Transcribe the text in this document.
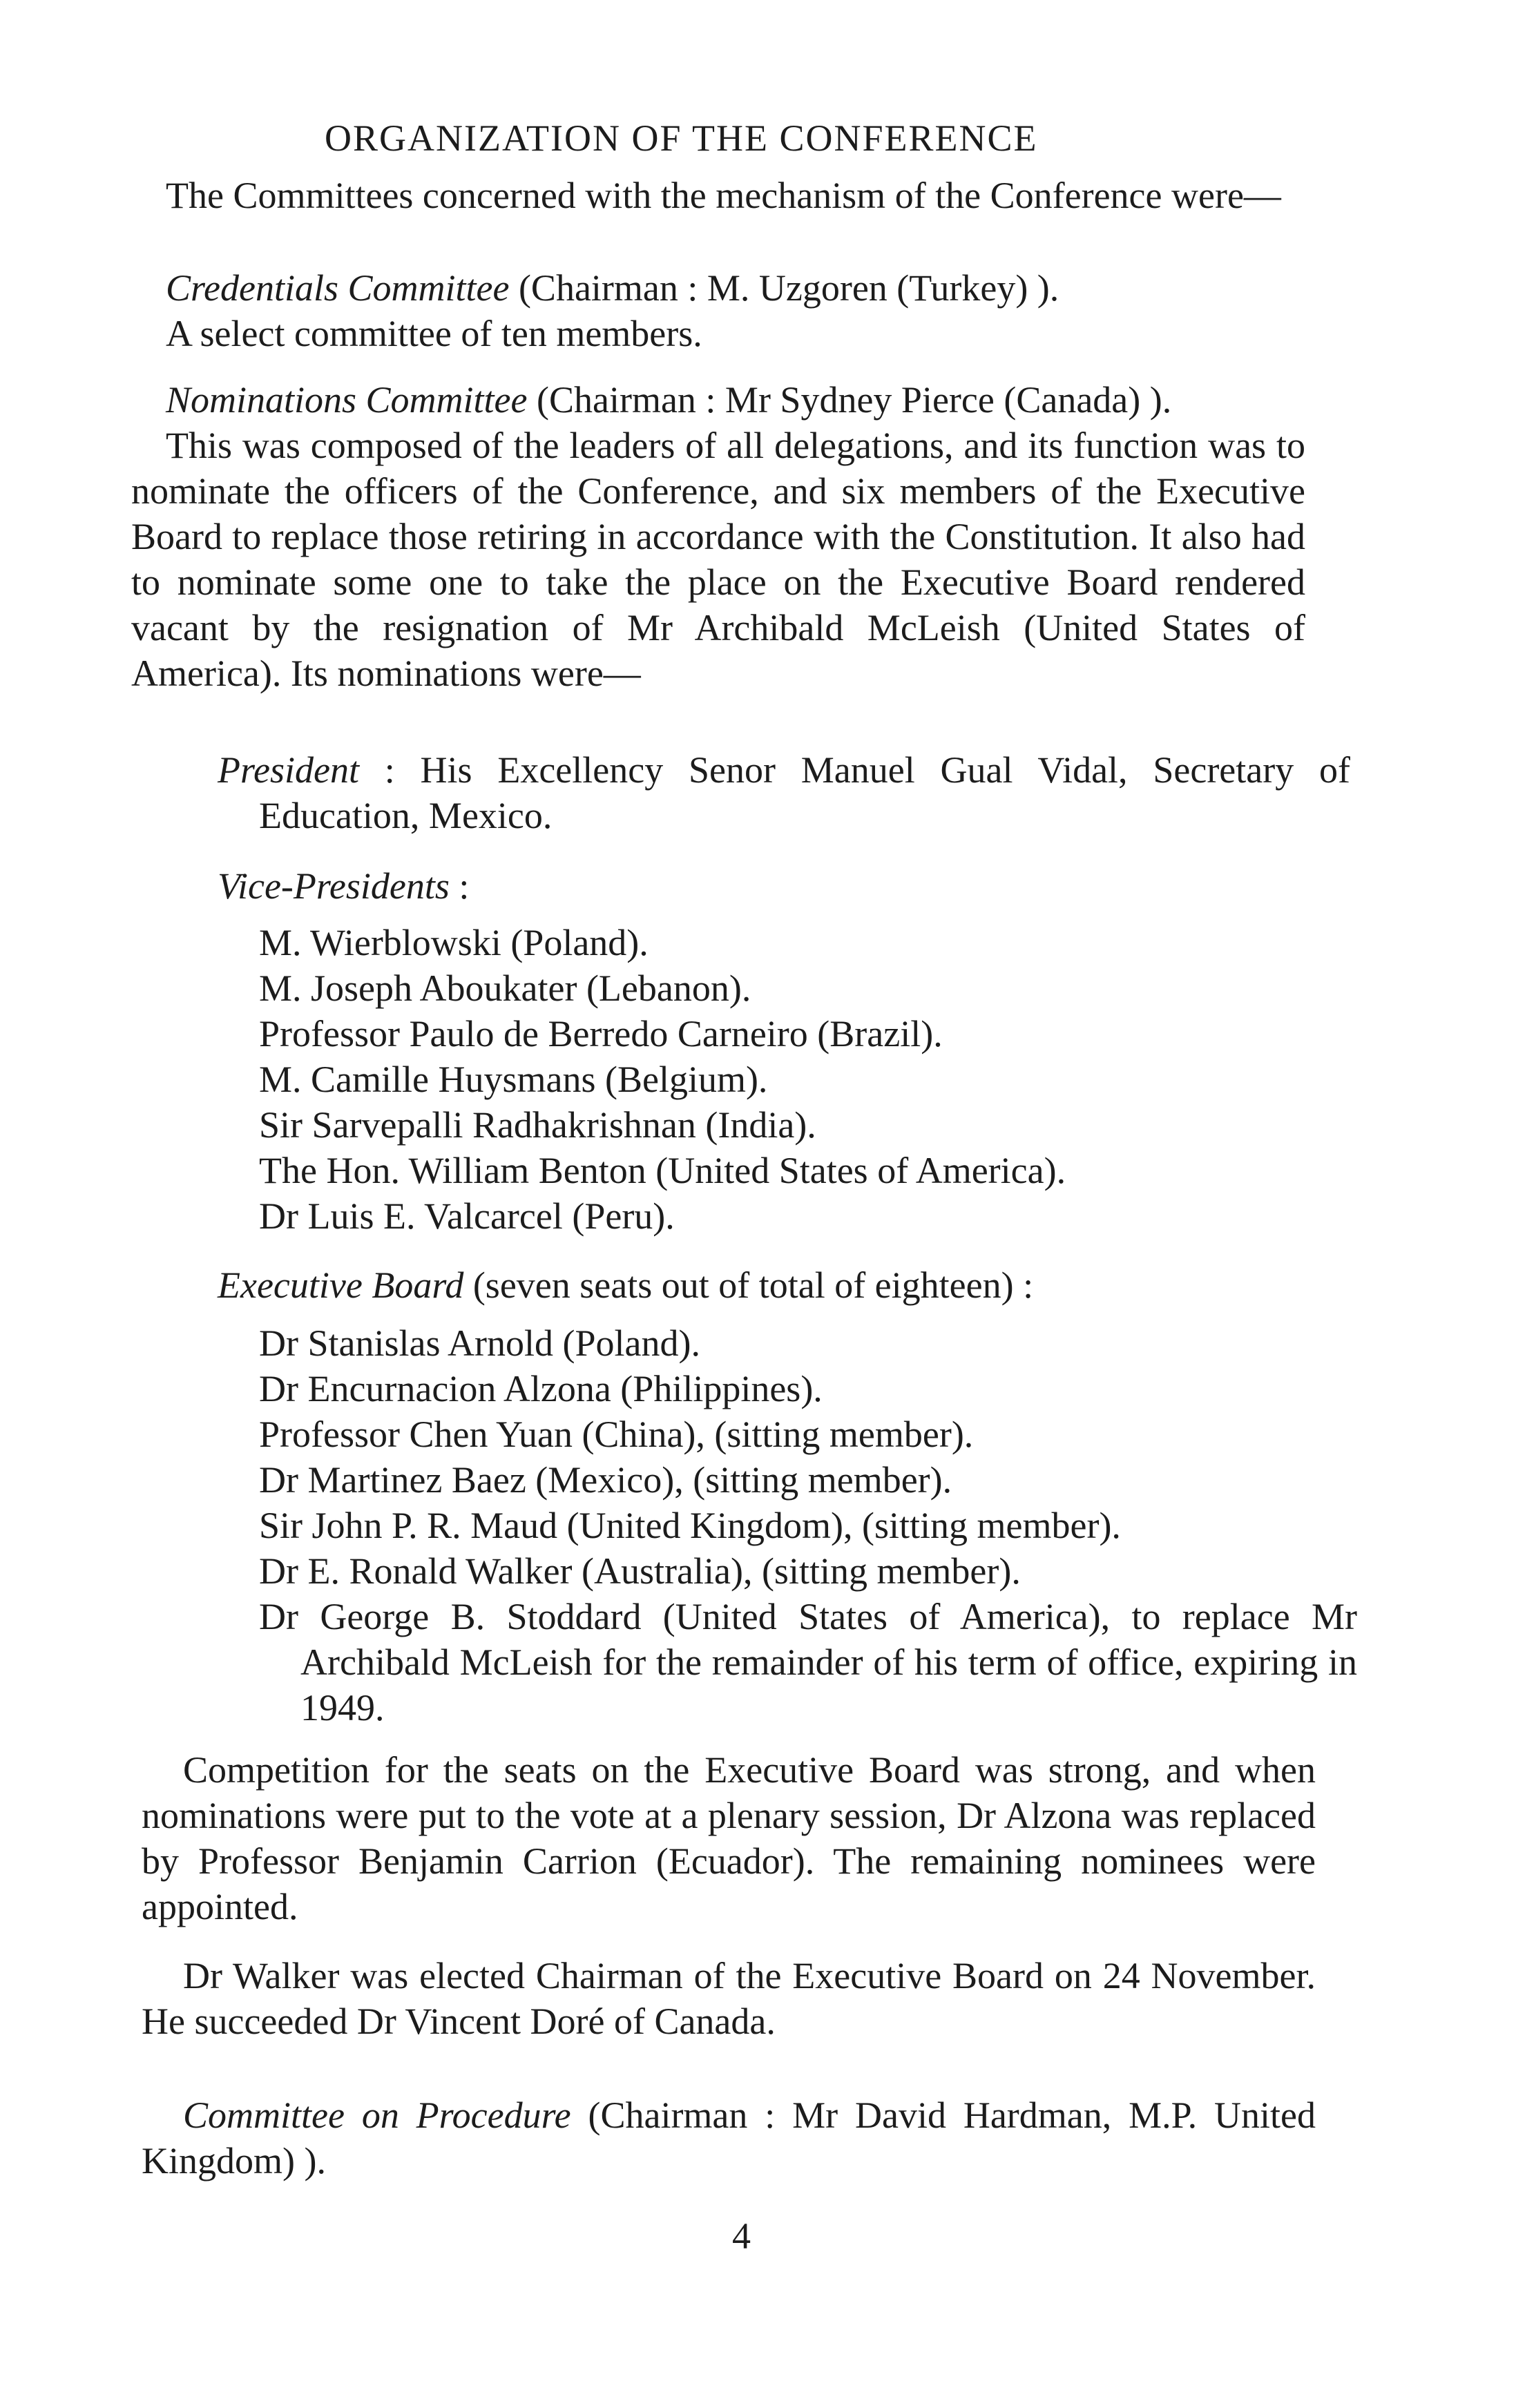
ORGANIZATION OF THE CONFERENCE
The Committees concerned with the mechanism of the Conference were—
Credentials Committee (Chairman : M. Uzgoren (Turkey) ).
A select committee of ten members.
Nominations Committee (Chairman : Mr Sydney Pierce (Canada) ).
This was composed of the leaders of all delegations, and its function was to nominate the officers of the Conference, and six members of the Executive Board to replace those retiring in accordance with the Constitution. It also had to nominate some one to take the place on the Executive Board rendered vacant by the resignation of Mr Archibald McLeish (United States of America). Its nominations were—
President : His Excellency Senor Manuel Gual Vidal, Secretary of Education, Mexico.
Vice-Presidents :
M. Wierblowski (Poland).
M. Joseph Aboukater (Lebanon).
Professor Paulo de Berredo Carneiro (Brazil).
M. Camille Huysmans (Belgium).
Sir Sarvepalli Radhakrishnan (India).
The Hon. William Benton (United States of America).
Dr Luis E. Valcarcel (Peru).
Executive Board (seven seats out of total of eighteen) :
Dr Stanislas Arnold (Poland).
Dr Encurnacion Alzona (Philippines).
Professor Chen Yuan (China), (sitting member).
Dr Martinez Baez (Mexico), (sitting member).
Sir John P. R. Maud (United Kingdom), (sitting member).
Dr E. Ronald Walker (Australia), (sitting member).
Dr George B. Stoddard (United States of America), to replace Mr Archibald McLeish for the remainder of his term of office, expiring in 1949.
Competition for the seats on the Executive Board was strong, and when nominations were put to the vote at a plenary session, Dr Alzona was replaced by Professor Benjamin Carrion (Ecuador). The remaining nominees were appointed.
Dr Walker was elected Chairman of the Executive Board on 24 November. He succeeded Dr Vincent Doré of Canada.
Committee on Procedure (Chairman : Mr David Hardman, M.P. United Kingdom) ).
4
